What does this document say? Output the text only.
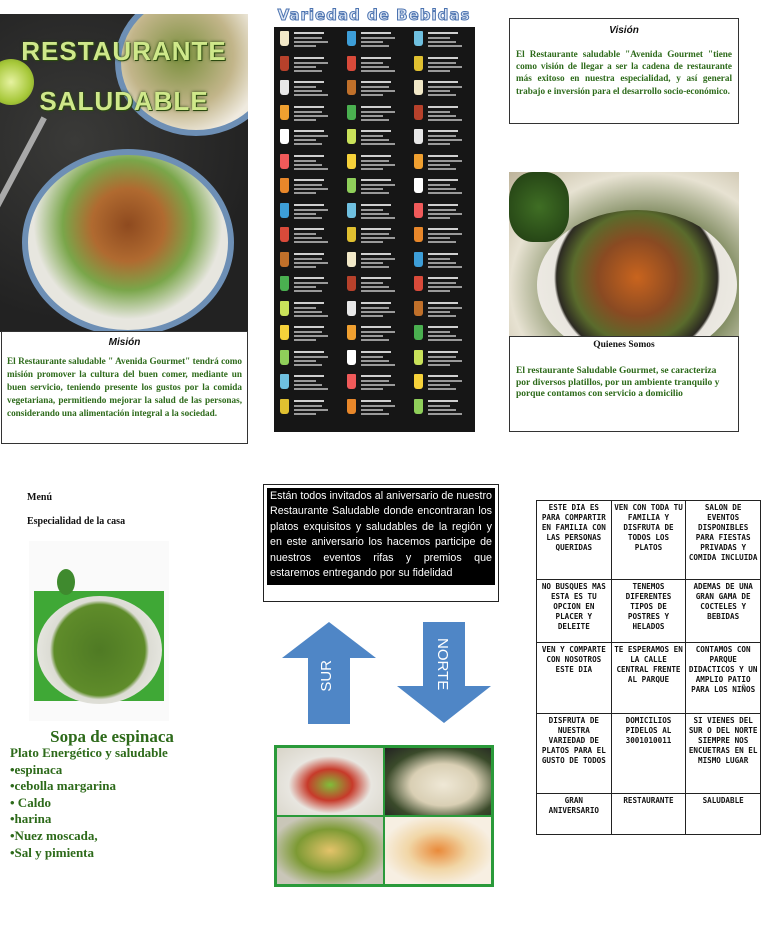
RESTAURANTE
SALUDABLE
Misión
El Restaurante saludable " Avenida Gourmet" tendrá como misión promover la cultura del buen comer, mediante un buen servicio, teniendo presente los gustos por la comida vegetariana, permitiendo mejorar la salud de las personas, considerando una alimentación integral a la sociedad.
Variedad de Bebidas
Visión
El Restaurante saludable "Avenida Gourmet "tiene como visión de llegar a ser la cadena de restaurante más exitoso en nuestra especialidad, y así general trabajo e inversión para el desarrollo socio-económico.
Quienes Somos
El restaurante Saludable Gourmet, se caracteriza por diversos platillos, por un ambiente tranquilo y porque contamos con servicio a domicilio
Menú
Especialidad de la casa
Sopa de espinaca
Plato Energético y saludable
•espinaca
•cebolla margarina
• Caldo
•harina
•Nuez moscada,
•Sal y pimienta
Están todos invitados al aniversario de nuestro Restaurante Saludable donde encontraran los platos exquisitos y saludables de la región y en este aniversario los hacemos participe de nuestros eventos rifas y premios que estaremos entregando por su fidelidad
SUR	NORTE
ESTE DIA ES PARA COMPARTIR EN FAMILIA CON LAS PERSONAS QUERIDAS	VEN CON TODA TU FAMILIA Y DISFRUTA DE TODOS LOS PLATOS	SALON DE EVENTOS DISPONIBLES PARA FIESTAS PRIVADAS Y COMIDA INCLUIDA
NO BUSQUES MAS ESTA ES TU OPCION EN PLACER Y DELEITE	TENEMOS DIFERENTES TIPOS DE POSTRES Y HELADOS	ADEMAS DE UNA GRAN GAMA DE COCTELES Y BEBIDAS
VEN Y COMPARTE CON NOSOTROS ESTE DIA	TE ESPERAMOS EN LA CALLE CENTRAL FRENTE AL PARQUE	CONTAMOS CON PARQUE DIDACTICOS Y UN AMPLIO PATIO PARA LOS NIÑOS
DISFRUTA DE NUESTRA VARIEDAD DE PLATOS PARA EL GUSTO DE TODOS	DOMICILIOS PIDELOS AL 3001010011	SI VIENES DEL SUR O DEL NORTE SIEMPRE NOS ENCUETRAS EN EL MISMO LUGAR
GRAN ANIVERSARIO	RESTAURANTE	SALUDABLE
